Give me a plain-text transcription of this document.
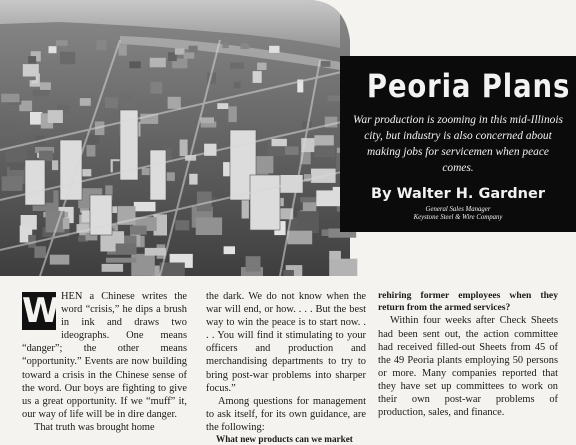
Peoria Plans

War production is zooming in this mid-Illinois city, but industry is also concerned about making jobs for servicemen when peace comes.

By Walter H. Gardner

General Sales Manager

Keystone Steel & Wire Company

W HEN a Chinese writes the word “crisis,” he dips a brush in ink and draws two ideographs. One means “danger”; the other means “opportunity.” Events are now building toward a crisis in the Chinese sense of the word. Our boys are fighting to give us a great opportunity. If we “muff” it, our way of life will be in dire danger.

That truth was brought home

the dark. We do not know when the war will end, or how. . . . But the best way to win the peace is to start now. . . . You will find it stimulating to your officers and production and merchandising departments to try to bring post-war problems into sharper focus.”

Among questions for management to ask itself, for its own guidance, are the following:

What new products can we market

rehiring former employees when they return from the armed services?

Within four weeks after Check Sheets had been sent out, the action committee had received filled-out Sheets from 45 of the 49 Peoria plants employing 50 persons or more. Many companies reported that they have set up committees to work on their own post-war problems of production, sales, and finance.
